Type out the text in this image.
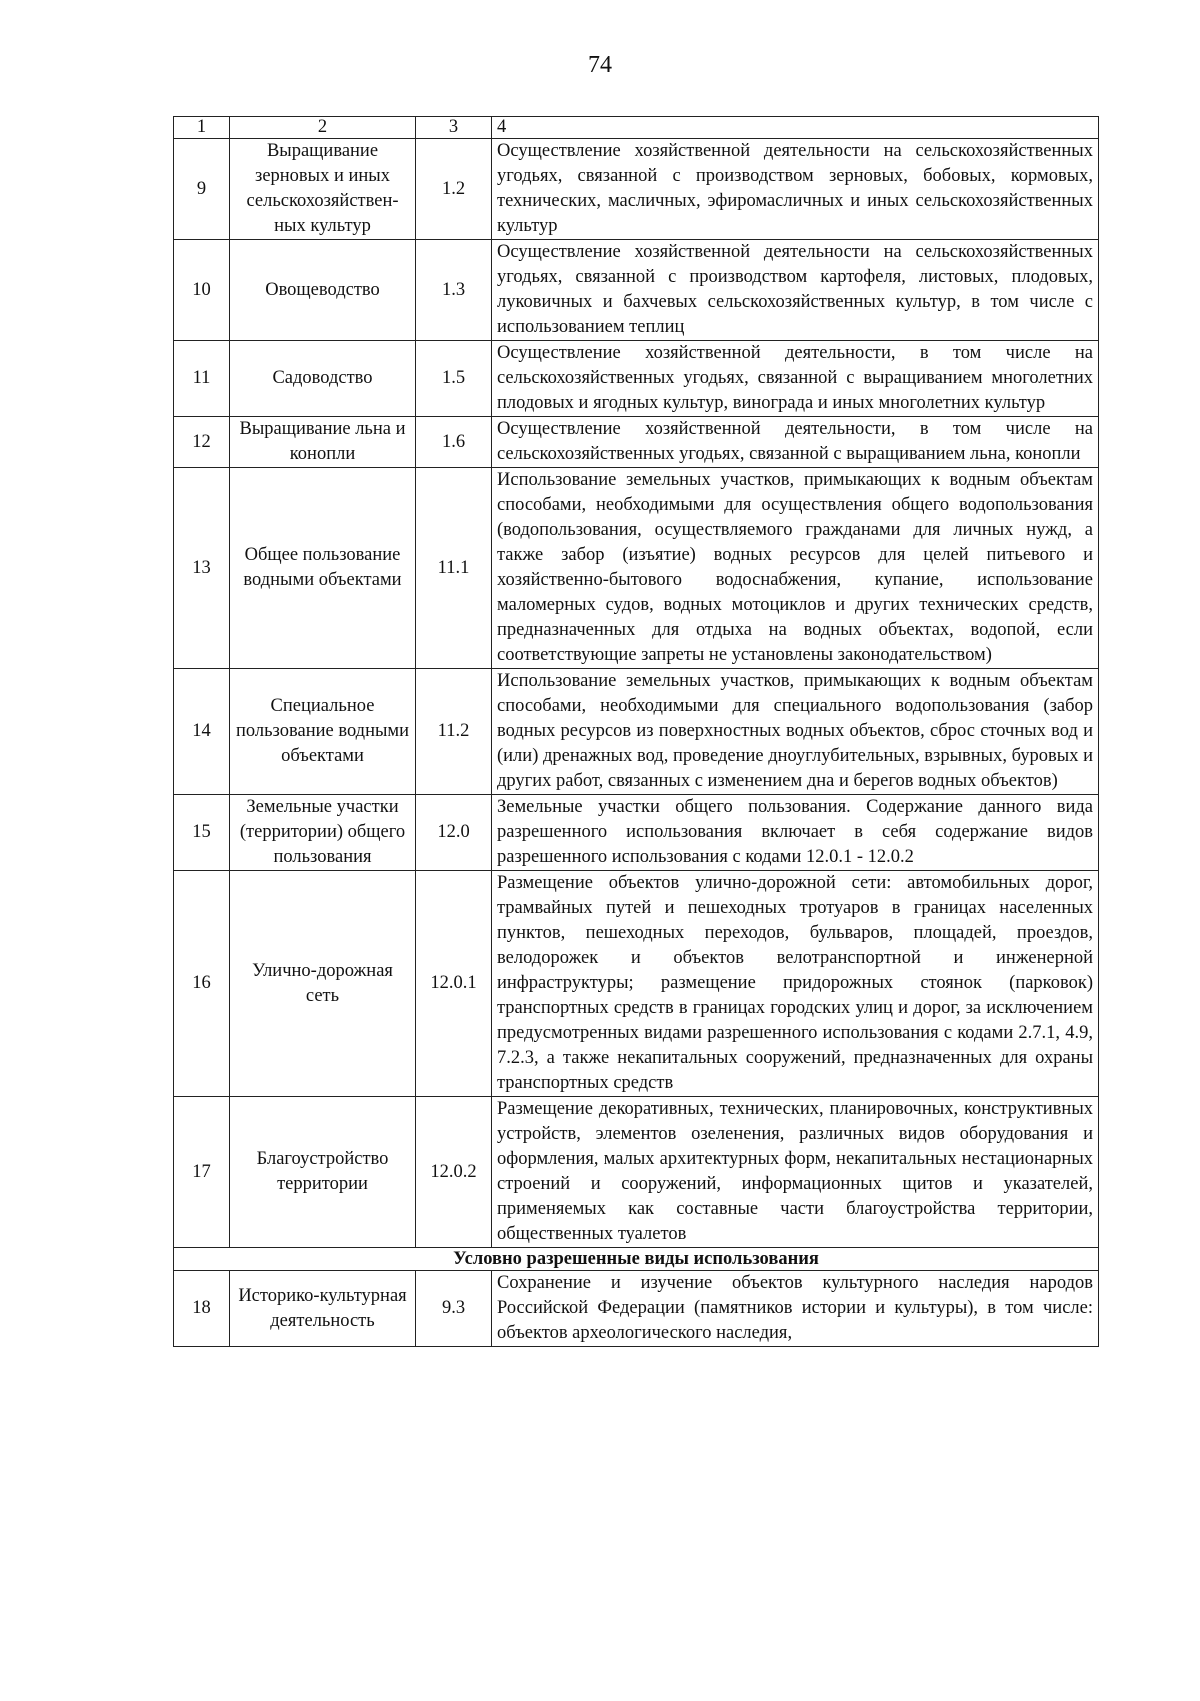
74
1	2	3	4
9	Выращивание зерновых и иных сельскохозяйствен-ных культур	1.2	Осуществление хозяйственной деятельности на сельскохозяйственных угодьях, связанной с производством зерновых, бобовых, кормовых, технических, масличных, эфиромасличных и иных сельскохозяйственных культур
10	Овощеводство	1.3	Осуществление хозяйственной деятельности на сельскохозяйственных угодьях, связанной с производством картофеля, листовых, плодовых, луковичных и бахчевых сельскохозяйственных культур, в том числе с использованием теплиц
11	Садоводство	1.5	Осуществление хозяйственной деятельности, в том числе на сельскохозяйственных угодьях, связанной с выращиванием многолетних плодовых и ягодных культур, винограда и иных многолетних культур
12	Выращивание льна и конопли	1.6	Осуществление хозяйственной деятельности, в том числе на сельскохозяйственных угодьях, связанной с выращиванием льна, конопли
13	Общее пользование водными объектами	11.1	Использование земельных участков, примыкающих к водным объектам способами, необходимыми для осуществления общего водопользования (водопользования, осуществляемого гражданами для личных нужд, а также забор (изъятие) водных ресурсов для целей питьевого и хозяйственно-бытового водоснабжения, купание, использование маломерных судов, водных мотоциклов и других технических средств, предназначенных для отдыха на водных объектах, водопой, если соответствующие запреты не установлены законодательством)
14	Специальное пользование водными объектами	11.2	Использование земельных участков, примыкающих к водным объектам способами, необходимыми для специального водопользования (забор водных ресурсов из поверхностных водных объектов, сброс сточных вод и (или) дренажных вод, проведение дноуглубительных, взрывных, буровых и других работ, связанных с изменением дна и берегов водных объектов)
15	Земельные участки (территории) общего пользования	12.0	Земельные участки общего пользования. Содержание данного вида разрешенного использования включает в себя содержание видов разрешенного использования с кодами 12.0.1 - 12.0.2
16	Улично-дорожная сеть	12.0.1	Размещение объектов улично-дорожной сети: автомобильных дорог, трамвайных путей и пешеходных тротуаров в границах населенных пунктов, пешеходных переходов, бульваров, площадей, проездов, велодорожек и объектов велотранспортной и инженерной инфраструктуры; размещение придорожных стоянок (парковок) транспортных средств в границах городских улиц и дорог, за исключением предусмотренных видами разрешенного использования с кодами 2.7.1, 4.9, 7.2.3, а также некапитальных сооружений, предназначенных для охраны транспортных средств
17	Благоустройство территории	12.0.2	Размещение декоративных, технических, планировочных, конструктивных устройств, элементов озеленения, различных видов оборудования и оформления, малых архитектурных форм, некапитальных нестационарных строений и сооружений, информационных щитов и указателей, применяемых как составные части благоустройства территории, общественных туалетов
Условно разрешенные виды использования			
18	Историко-культурная деятельность	9.3	Сохранение и изучение объектов культурного наследия народов Российской Федерации (памятников истории и культуры), в том числе: объектов археологического наследия,
